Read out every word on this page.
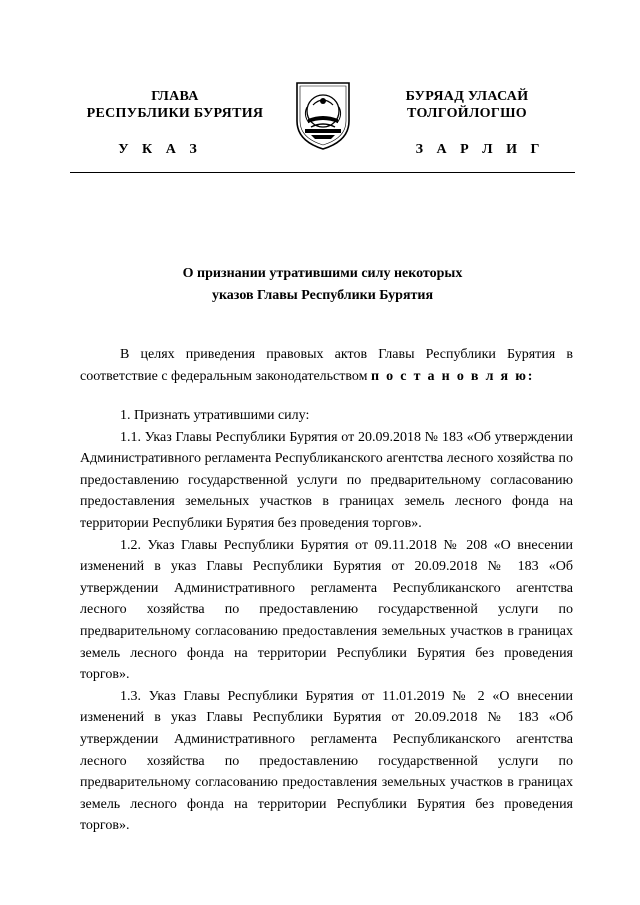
ГЛАВА
РЕСПУБЛИКИ БУРЯТИЯ
БУРЯАД УЛАСАЙ
ТОЛГОЙЛОГШО
У К А З	З А Р Л И Г
О признании утратившими силу некоторых
указов Главы Республики Бурятия

В целях приведения правовых актов Главы Республики Бурятия в соответствие с федеральным законодательством п о с т а н о в л я ю:

1. Признать утратившими силу:

1.1. Указ Главы Республики Бурятия от 20.09.2018 № 183 «Об утверждении Административного регламента Республиканского агентства лесного хозяйства по предоставлению государственной услуги по предварительному согласованию предоставления земельных участков в границах земель лесного фонда на территории Республики Бурятия без проведения торгов».

1.2. Указ Главы Республики Бурятия от 09.11.2018 № 208 «О внесении изменений в указ Главы Республики Бурятия от 20.09.2018 № 183 «Об утверждении Административного регламента Республиканского агентства лесного хозяйства по предоставлению государственной услуги по предварительному согласованию предоставления земельных участков в границах земель лесного фонда на территории Республики Бурятия без проведения торгов».

1.3. Указ Главы Республики Бурятия от 11.01.2019 № 2 «О внесении изменений в указ Главы Республики Бурятия от 20.09.2018 № 183 «Об утверждении Административного регламента Республиканского агентства лесного хозяйства по предоставлению государственной услуги по предварительному согласованию предоставления земельных участков в границах земель лесного фонда на территории Республики Бурятия без проведения торгов».
